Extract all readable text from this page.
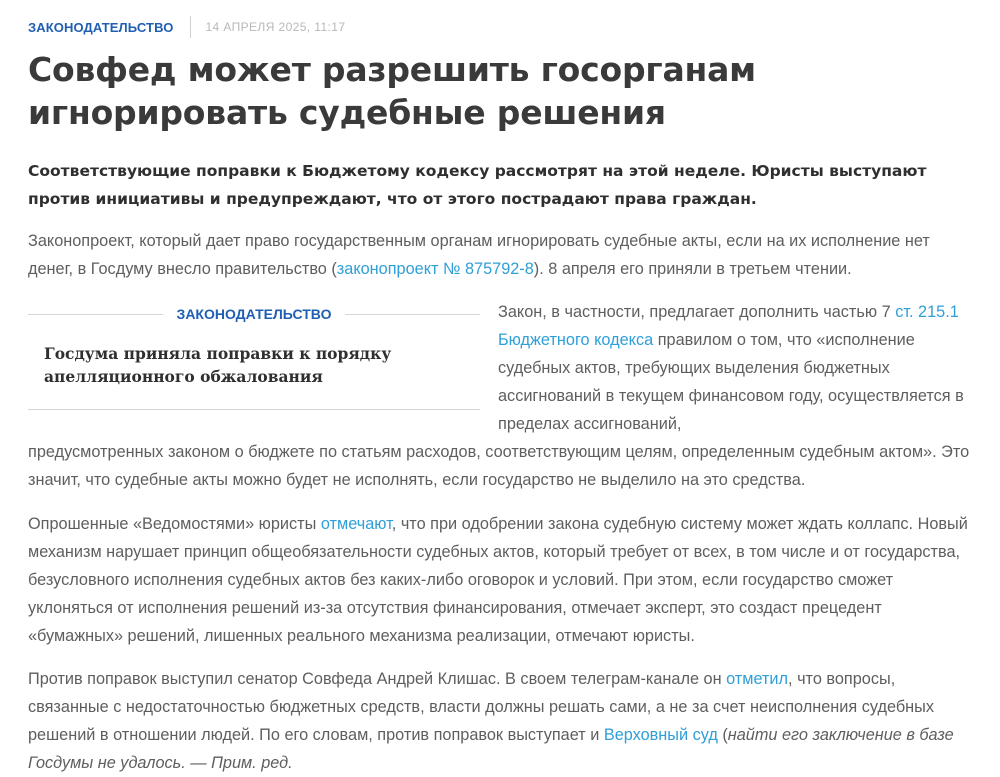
ЗАКОНОДАТЕЛЬСТВО	14 АПРЕЛЯ 2025, 11:17
Совфед может разрешить госорганам игнорировать судебные решения

Соответствующие поправки к Бюджетому кодексу рассмотрят на этой неделе. Юристы выступают против инициативы и предупреждают, что от этого пострадают права граждан.

Законопроект, который дает право государственным органам игнорировать судебные акты, если на их исполнение нет денег, в Госдуму внесло правительство (законопроект № 875792-8). 8 апреля его приняли в третьем чтении.

ЗАКОНОДАТЕЛЬСТВО
Госдума приняла поправки к порядку апелляционного обжалования

Закон, в частности, предлагает дополнить частью 7 ст. 215.1 Бюджетного кодекса правилом о том, что «исполнение судебных актов, требующих выделения бюджетных ассигнований в текущем финансовом году, осуществляется в пределах ассигнований,

предусмотренных законом о бюджете по статьям расходов, соответствующим целям, определенным судебным актом». Это значит, что судебные акты можно будет не исполнять, если государство не выделило на это средства.

Опрошенные «Ведомостями» юристы отмечают, что при одобрении закона судебную систему может ждать коллапс. Новый механизм нарушает принцип общеобязательности судебных актов, который требует от всех, в том числе и от государства, безусловного исполнения судебных актов без каких-либо оговорок и условий. При этом, если государство сможет уклоняться от исполнения решений из-за отсутствия финансирования, отмечает эксперт, это создаст прецедент «бумажных» решений, лишенных реального механизма реализации, отмечают юристы.

Против поправок выступил сенатор Совфеда Андрей Клишас. В своем телеграм-канале он отметил, что вопросы, связанные с недостаточностью бюджетных средств, власти должны решать сами, а не за счет неисполнения судебных решений в отношении людей. По его словам, против поправок выступает и Верховный суд (найти его заключение в базе Госдумы не удалось. — Прим. ред.
